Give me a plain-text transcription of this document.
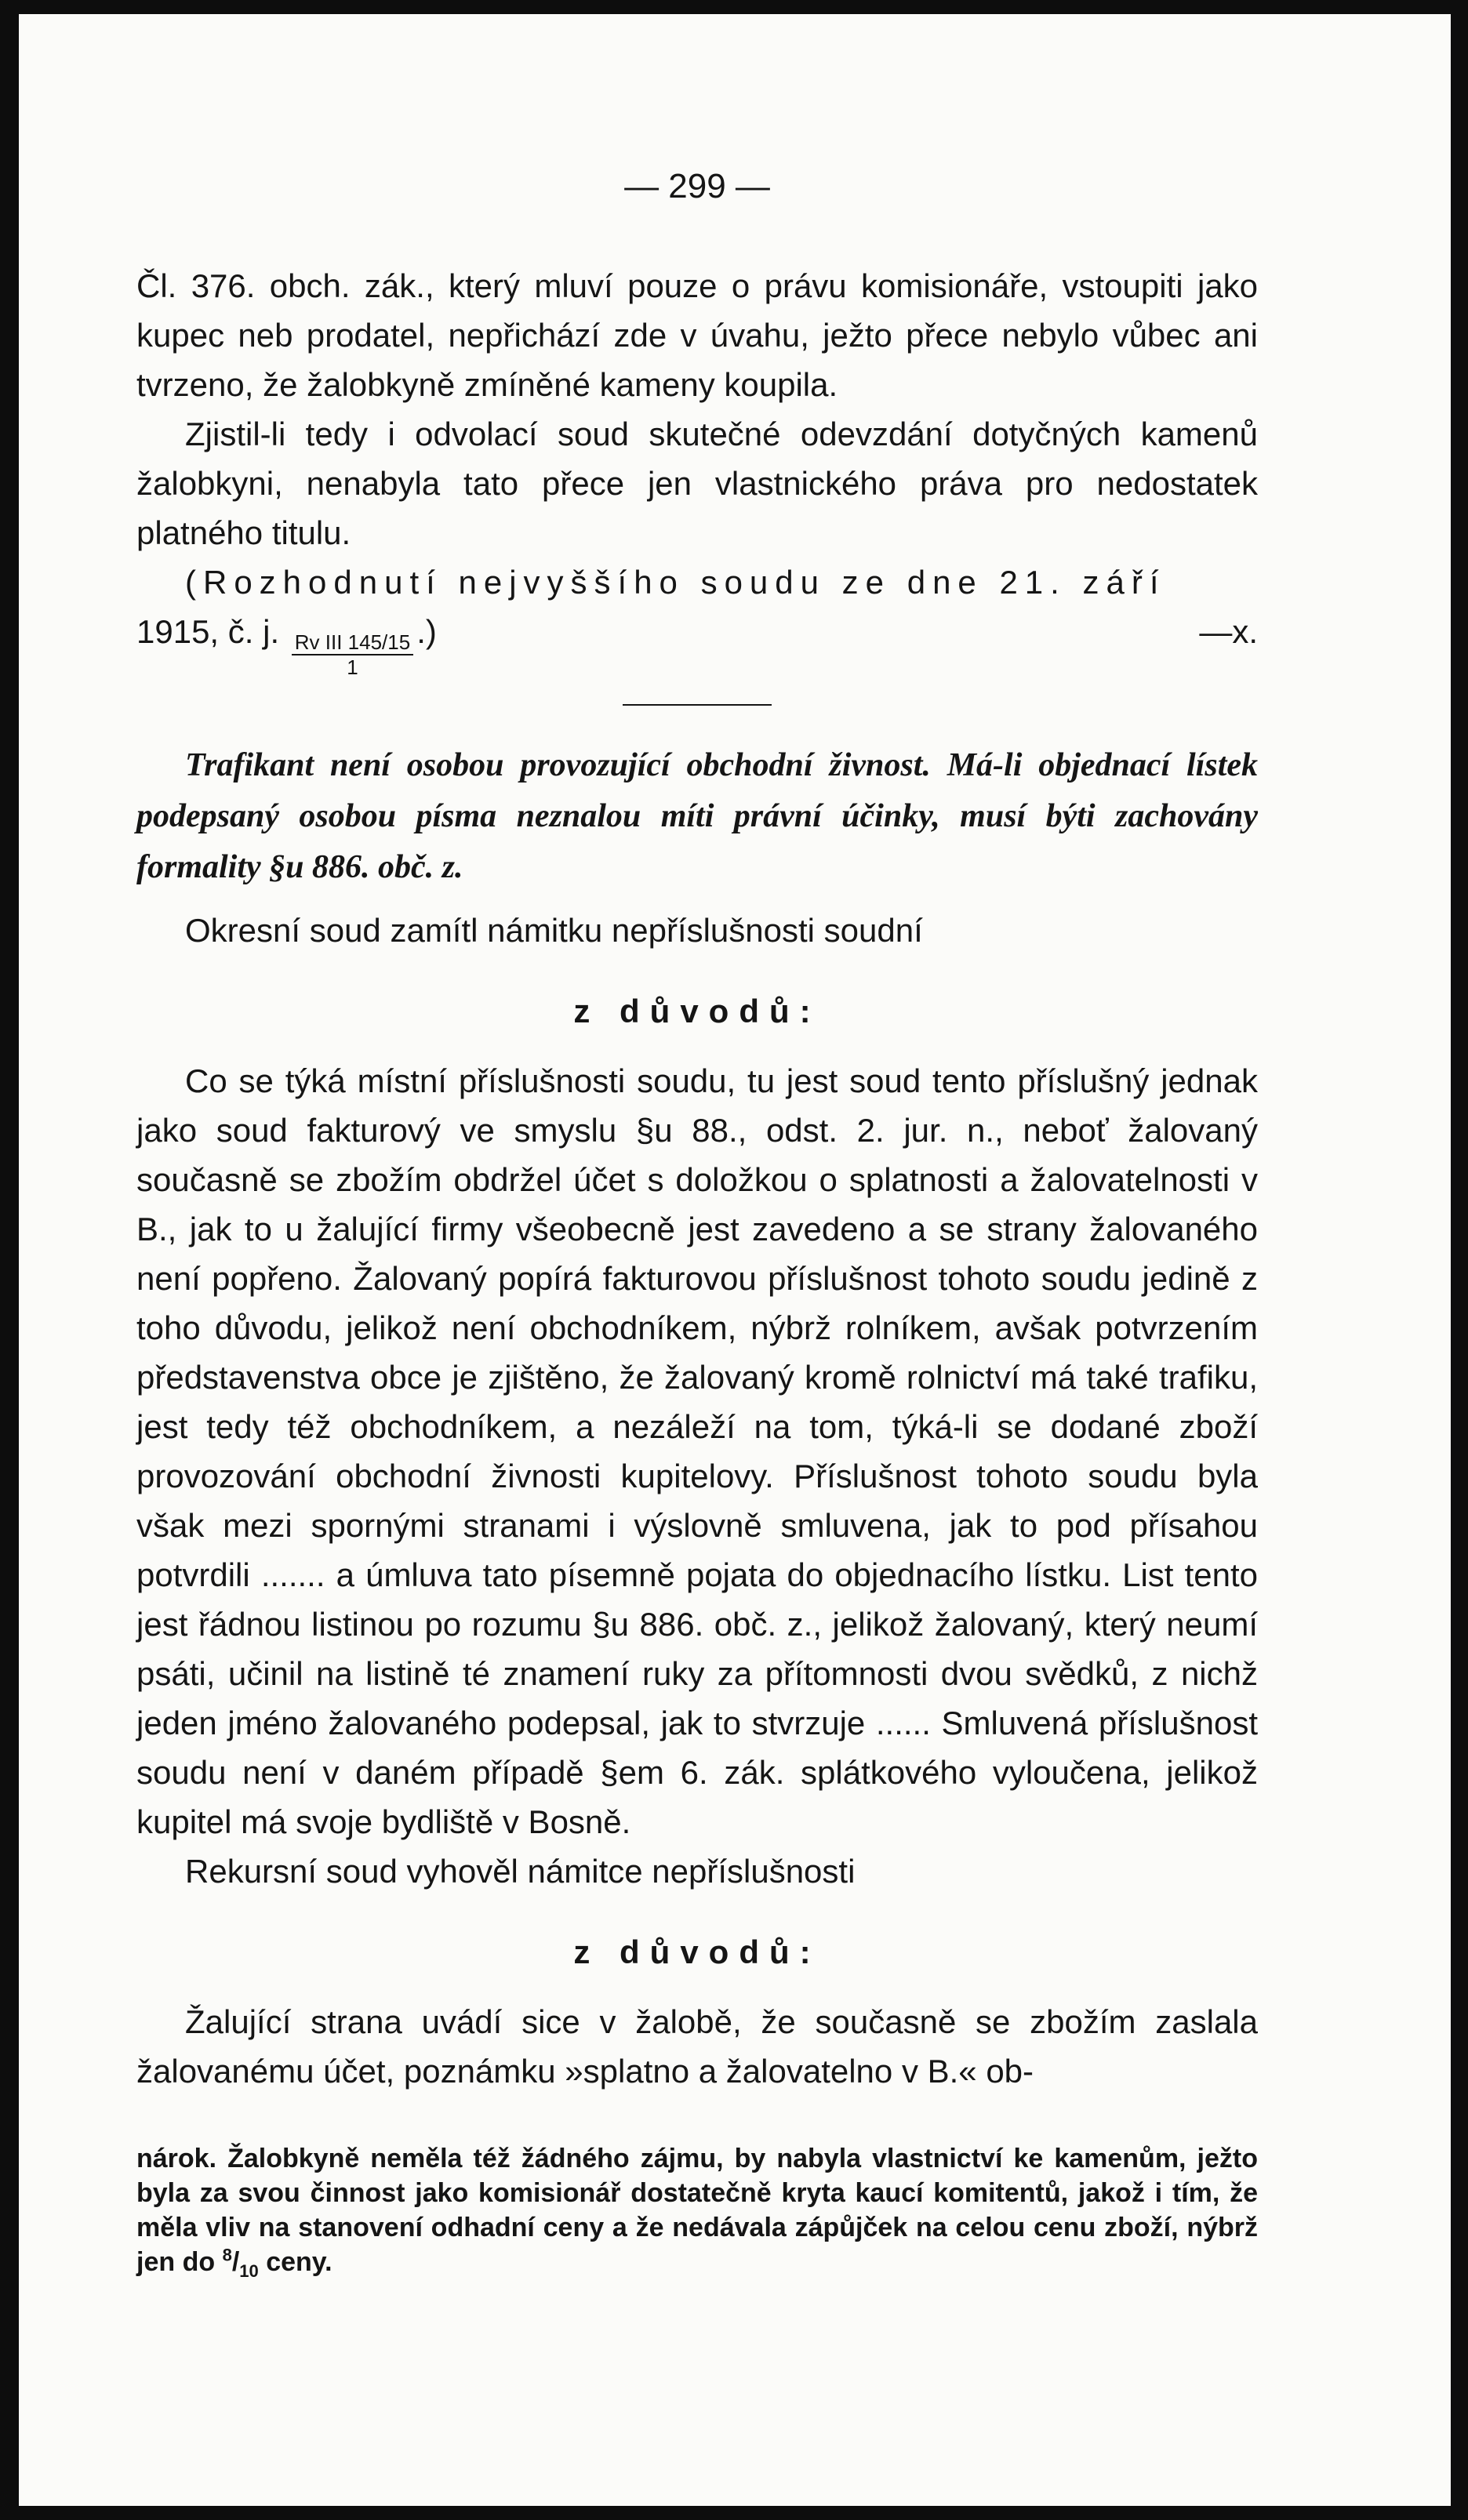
— 299 —

Čl. 376. obch. zák., který mluví pouze o právu komisionáře, vstoupiti jako kupec neb prodatel, nepřichází zde v úvahu, ježto přece nebylo vůbec ani tvrzeno, že žalobkyně zmíněné kameny koupila.

Zjistil-li tedy i odvolací soud skutečné odevzdání dotyčných kamenů žalobkyni, nenabyla tato přece jen vlastnického práva pro nedostatek platného titulu.

(Rozhodnutí nejvyššího soudu ze dne 21. září

1915, č. j. $\frac{\text{Rv III 145/15}}{1}$ .)	—x.

Trafikant není osobou provozující obchodní živnost. Má-li objednací lístek podepsaný osobou písma neznalou míti právní účinky, musí býti zachovány formality §u 886. obč. z.

Okresní soud zamítl námitku nepříslušnosti soudní

z důvodů:

Co se týká místní příslušnosti soudu, tu jest soud tento příslušný jednak jako soud fakturový ve smyslu §u 88., odst. 2. jur. n., neboť žalovaný současně se zbožím obdržel účet s doložkou o splatnosti a žalovatelnosti v B., jak to u žalující firmy všeobecně jest zavedeno a se strany žalovaného není popřeno. Žalovaný popírá fakturovou příslušnost tohoto soudu jedině z toho důvodu, jelikož není obchodníkem, nýbrž rolníkem, avšak potvrzením představenstva obce je zjištěno, že žalovaný kromě rolnictví má také trafiku, jest tedy též obchodníkem, a nezáleží na tom, týká-li se dodané zboží provozování obchodní živnosti kupitelovy. Příslušnost tohoto soudu byla však mezi spornými stranami i výslovně smluvena, jak to pod přísahou potvrdili ....... a úmluva tato písemně pojata do objednacího lístku. List tento jest řádnou listinou po rozumu §u 886. obč. z., jelikož žalovaný, který neumí psáti, učinil na listině té znamení ruky za přítomnosti dvou svědků, z nichž jeden jméno žalovaného podepsal, jak to stvrzuje ...... Smluvená příslušnost soudu není v daném případě §em 6. zák. splátkového vyloučena, jelikož kupitel má svoje bydliště v Bosně.

Rekursní soud vyhověl námitce nepříslušnosti

z důvodů:

Žalující strana uvádí sice v žalobě, že současně se zbožím zaslala žalovanému účet, poznámku »splatno a žalovatelno v B.« ob-

nárok. Žalobkyně neměla též žádného zájmu, by nabyla vlastnictví ke kamenům, ježto byla za svou činnost jako komisionář dostatečně kryta kaucí komitentů, jakož i tím, že měla vliv na stanovení odhadní ceny a že nedávala zápůjček na celou cenu zboží, nýbrž jen do $^8/_{10}$ ceny.
